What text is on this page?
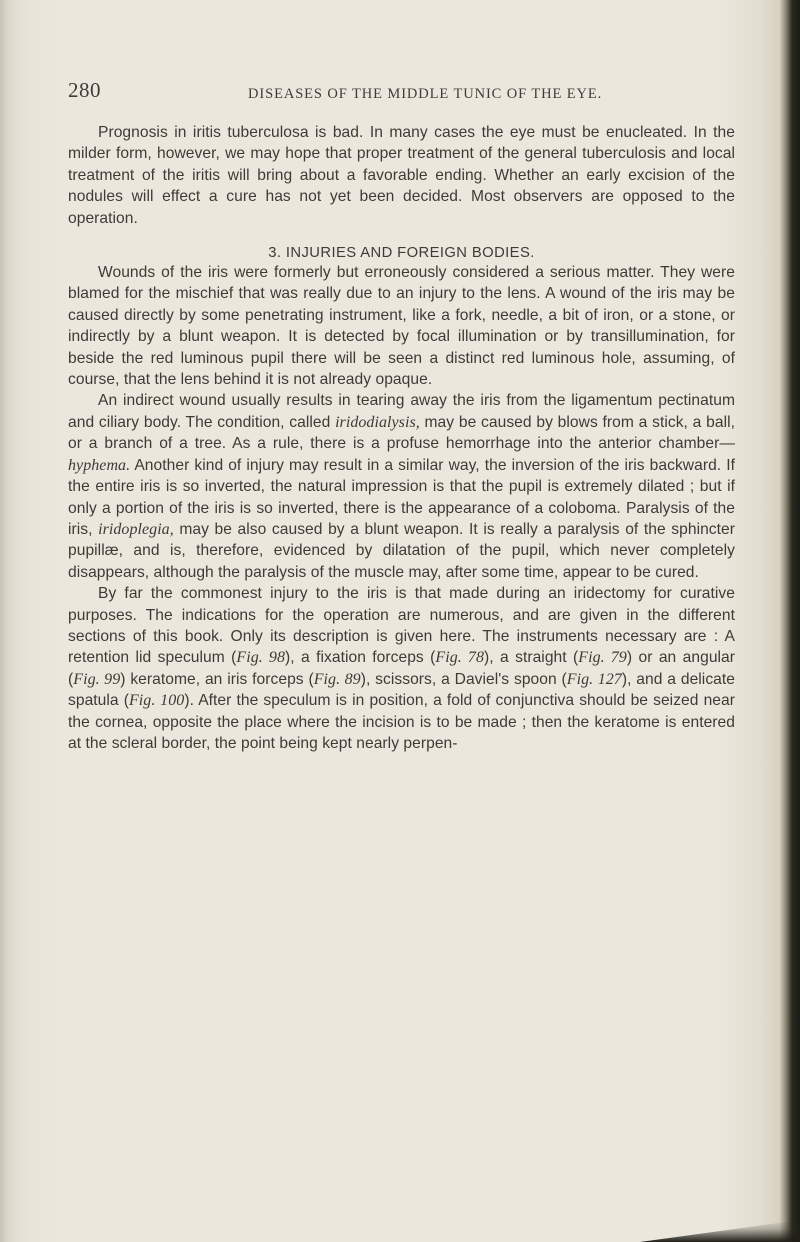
280	DISEASES OF THE MIDDLE TUNIC OF THE EYE.

Prognosis in iritis tuberculosa is bad. In many cases the eye must be enucleated. In the milder form, however, we may hope that proper treatment of the general tuberculosis and local treatment of the iritis will bring about a favorable ending. Whether an early excision of the nodules will effect a cure has not yet been decided. Most observers are opposed to the operation.

3. INJURIES AND FOREIGN BODIES.

Wounds of the iris were formerly but erroneously considered a serious matter. They were blamed for the mischief that was really due to an injury to the lens. A wound of the iris may be caused directly by some penetrating instrument, like a fork, needle, a bit of iron, or a stone, or indirectly by a blunt weapon. It is detected by focal illumination or by transillumination, for beside the red luminous pupil there will be seen a distinct red luminous hole, assuming, of course, that the lens behind it is not already opaque.

An indirect wound usually results in tearing away the iris from the ligamentum pectinatum and ciliary body. The condition, called iridodialysis, may be caused by blows from a stick, a ball, or a branch of a tree. As a rule, there is a profuse hemorrhage into the anterior chamber—hyphema. Another kind of injury may result in a similar way, the inversion of the iris backward. If the entire iris is so inverted, the natural impression is that the pupil is extremely dilated ; but if only a portion of the iris is so inverted, there is the appearance of a coloboma. Paralysis of the iris, iridoplegia, may be also caused by a blunt weapon. It is really a paralysis of the sphincter pupillæ, and is, therefore, evidenced by dilatation of the pupil, which never completely disappears, although the paralysis of the muscle may, after some time, appear to be cured.

By far the commonest injury to the iris is that made during an iridectomy for curative purposes. The indications for the operation are numerous, and are given in the different sections of this book. Only its description is given here. The instruments necessary are : A retention lid speculum (Fig. 98), a fixation forceps (Fig. 78), a straight (Fig. 79) or an angular (Fig. 99) keratome, an iris forceps (Fig. 89), scissors, a Daviel's spoon (Fig. 127), and a delicate spatula (Fig. 100). After the speculum is in position, a fold of conjunctiva should be seized near the cornea, opposite the place where the incision is to be made ; then the keratome is entered at the scleral border, the point being kept nearly perpen-
